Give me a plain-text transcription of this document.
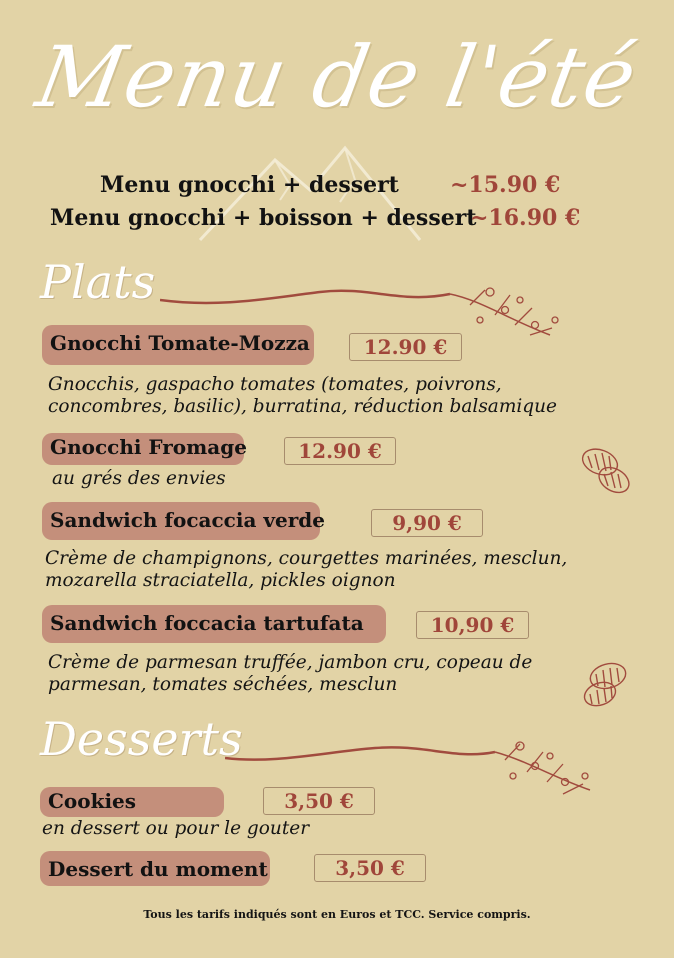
Menu de l'été
Menu gnocchi + dessert ~15.90 €
Menu gnocchi + boisson + dessert
~16.90 €
Plats
Gnocchi Tomate-Mozza	12.90 €
Gnocchis, gaspacho tomates (tomates, poivrons, concombres, basilic), burratina, réduction balsamique
Gnocchi Fromage	12.90 €
au grés des envies
Sandwich focaccia verde	9,90 €
Crème de champignons, courgettes marinées, mesclun, mozarella straciatella, pickles oignon
Sandwich foccacia tartufata	10,90 €
Crème de parmesan truffée, jambon cru, copeau de parmesan, tomates séchées, mesclun
Desserts
Cookies	3,50 €
en dessert ou pour le gouter
Dessert du moment	3,50 €
Tous les tarifs indiqués sont en Euros et TCC. Service compris.
